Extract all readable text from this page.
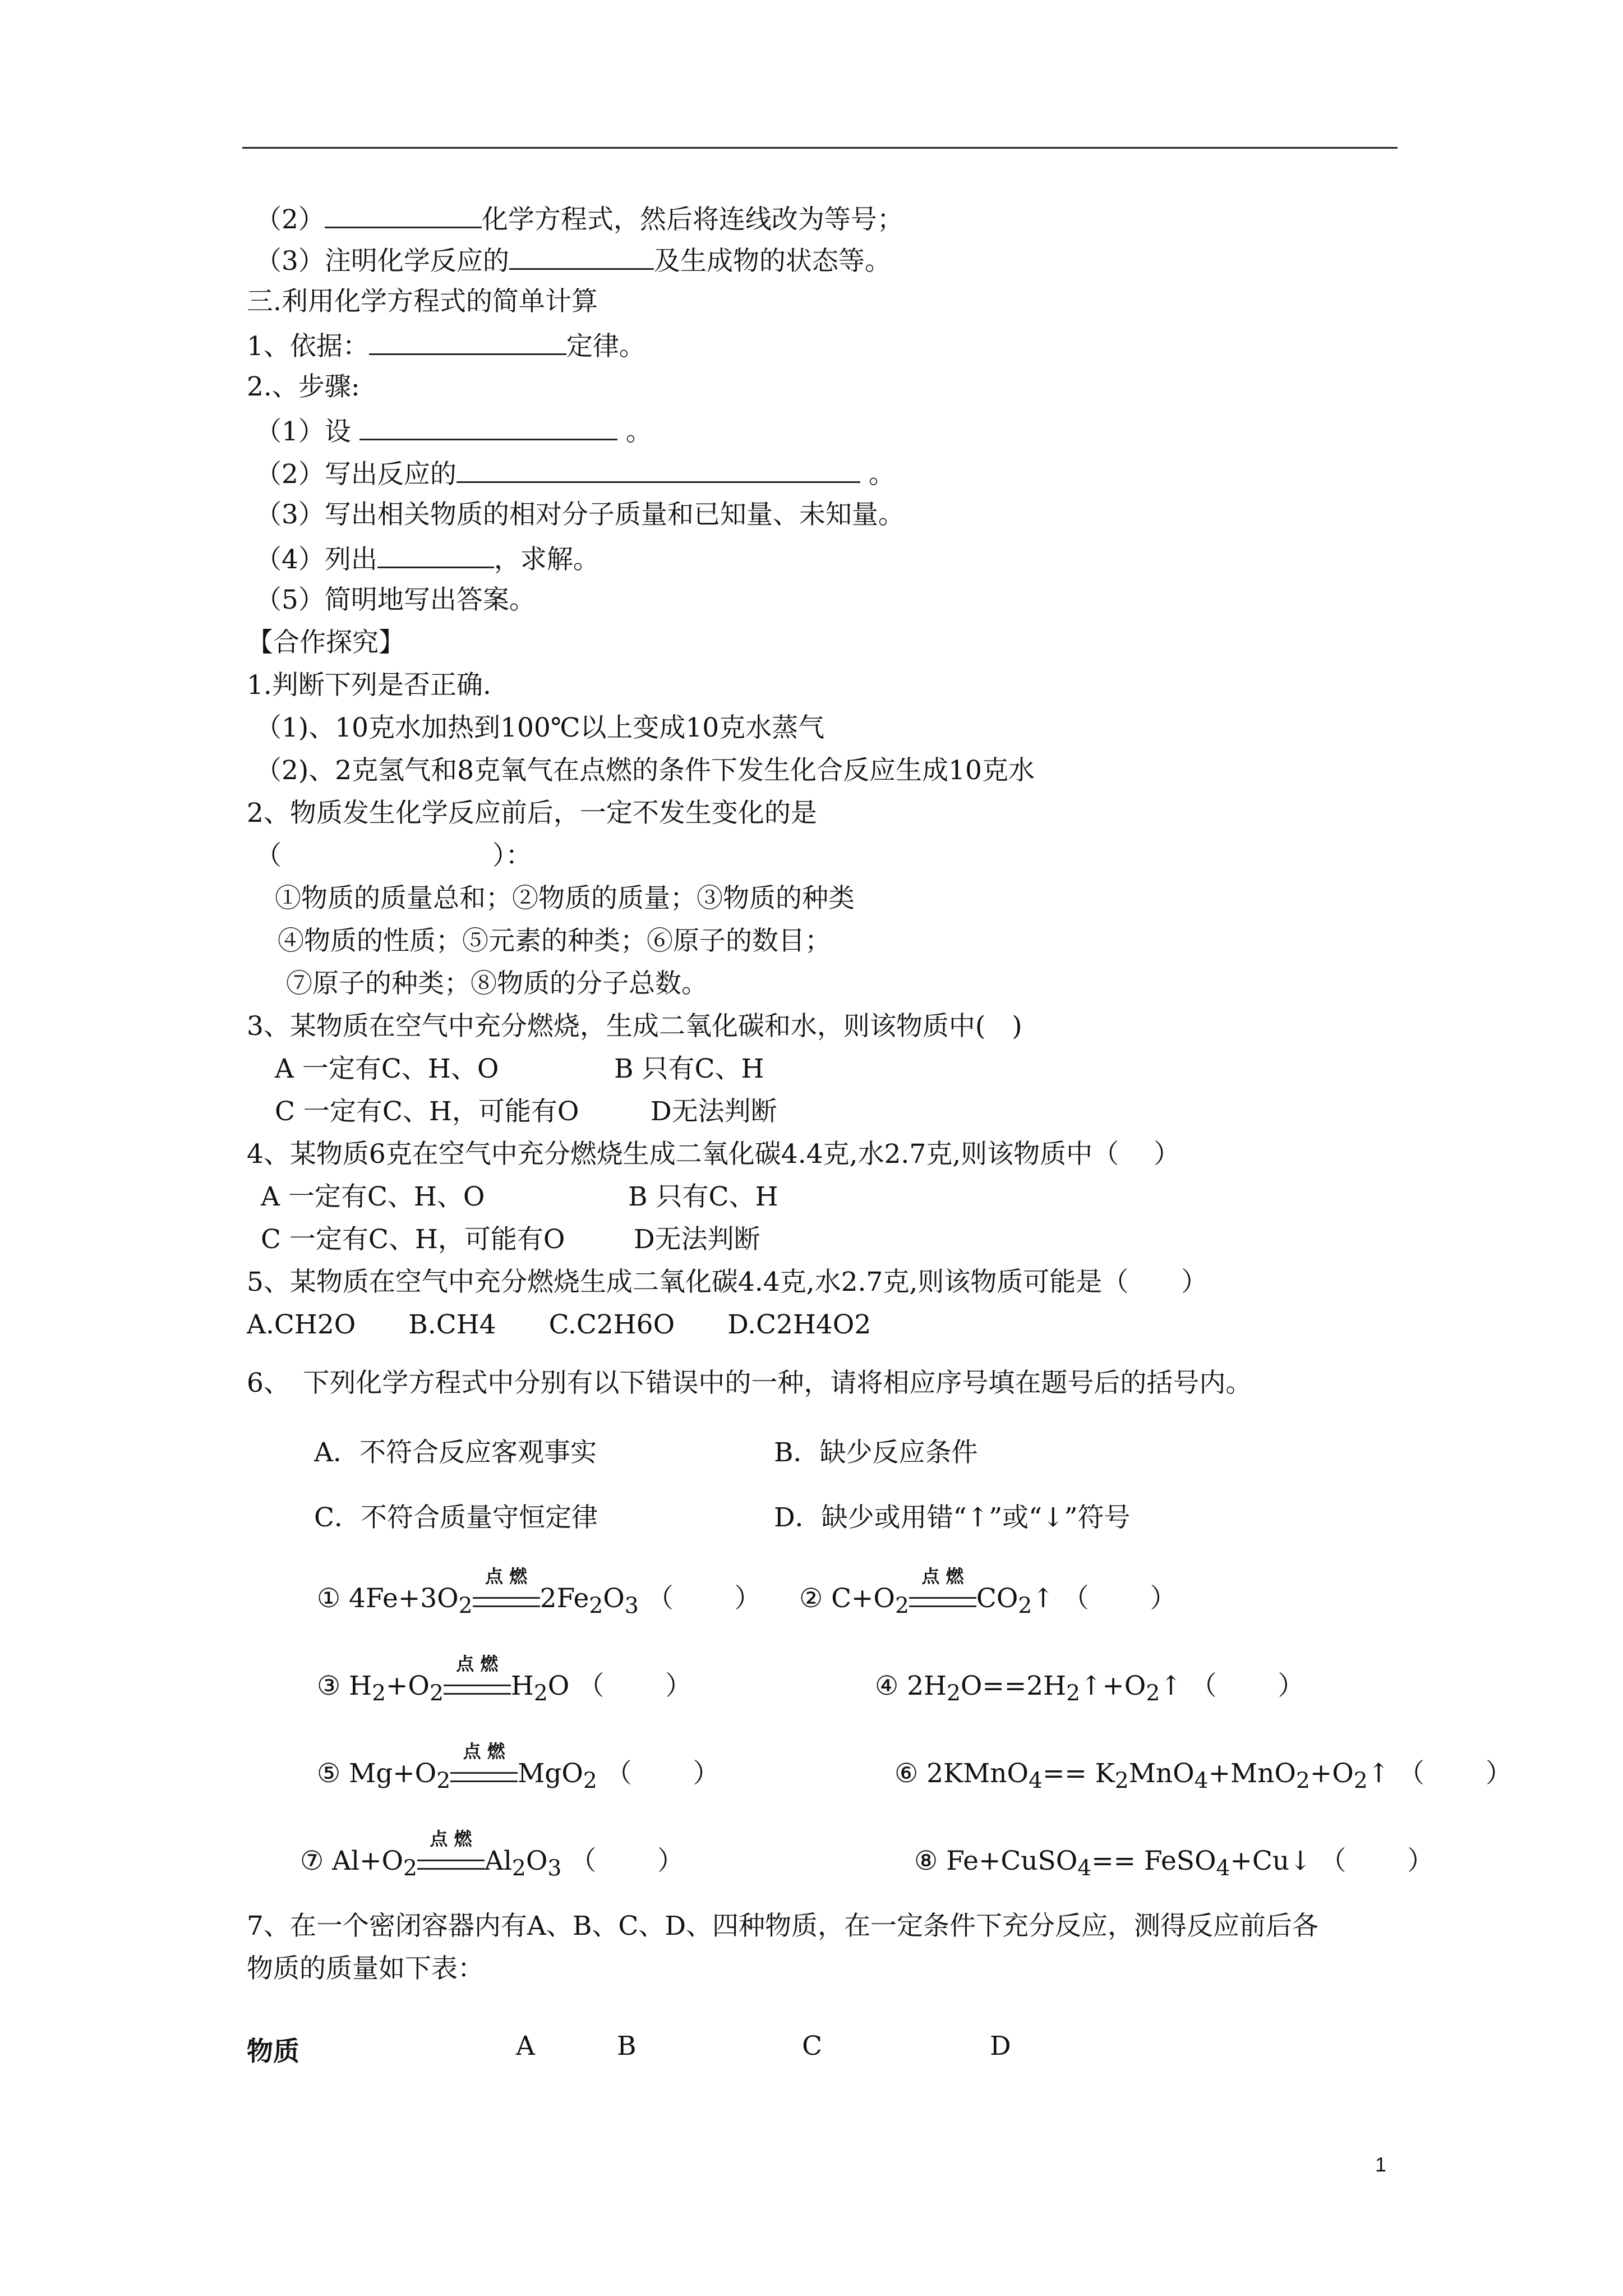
（2）	化学方程式，然后将连线改为等号；
（3）注明化学反应的	及生成物的状态等。
三.利用化学方程式的简单计算
1、依据：	定律。
2.、步骤:
（1）设	。
（2）写出反应的	。
（3）写出相关物质的相对分子质量和已知量、未知量。
（4）列出	，求解。
（5）简明地写出答案。
【合作探究】
1.判断下列是否正确.
（1)、10克水加热到100℃以上变成10克水蒸气
（2)、2克氢气和8克氧气在点燃的条件下发生化合反应生成10克水
2、物质发生化学反应前后，一定不发生变化的是
（　　　　　　　　）：
①物质的质量总和；②物质的质量；③物质的种类
④物质的性质；⑤元素的种类；⑥原子的数目；
⑦原子的种类；⑧物质的分子总数。
3、某物质在空气中充分燃烧，生成二氧化碳和水，则该物质中(　)
A 一定有C、H、O	B 只有C、H
C 一定有C、H，可能有O	D无法判断
4、某物质6克在空气中充分燃烧生成二氧化碳4.4克,水2.7克,则该物质中（　 ）
A 一定有C、H、O	B 只有C、H
C 一定有C、H，可能有O	D无法判断
5、某物质在空气中充分燃烧生成二氧化碳4.4克,水2.7克,则该物质可能是（　　）
A.CH2O　　B.CH4　　C.C2H6O　　D.C2H4O2
6、　下列化学方程式中分别有以下错误中的一种，请将相应序号填在题号后的括号内。
A．不符合反应客观事实	B．缺少反应条件
C．不符合质量守恒定律	D．缺少或用错“↑”或“↓”符号
① $4Fe+3O_2$
点 燃
$2Fe_2O_3$ （　　 ） ② $C+O_2$
点 燃
$CO_2↑$ （　　 ）
③ $H_2+O_2$
点 燃
$H_2O$ （　　 ）	④ $2H_2O==2H_2↑+O_2↑$ （　　 ）
⑤ $Mg+O_2$
点 燃
MgO$_2$ （　　 ）	⑥ 2KMnO$_4$== $K_2MnO_4+MnO_2+O_2↑$ （　　 ）
⑦ $Al+O_2$
点 燃
$Al_2O_3$ （　　 ）	⑧ Fe+CuSO$_4$== FeSO$_4$+Cu↓ （　　 ）
7、在一个密闭容器内有A、B、C、D、四种物质，在一定条件下充分反应，测得反应前后各
物质的质量如下表：
物质	A	B	C	D
1
